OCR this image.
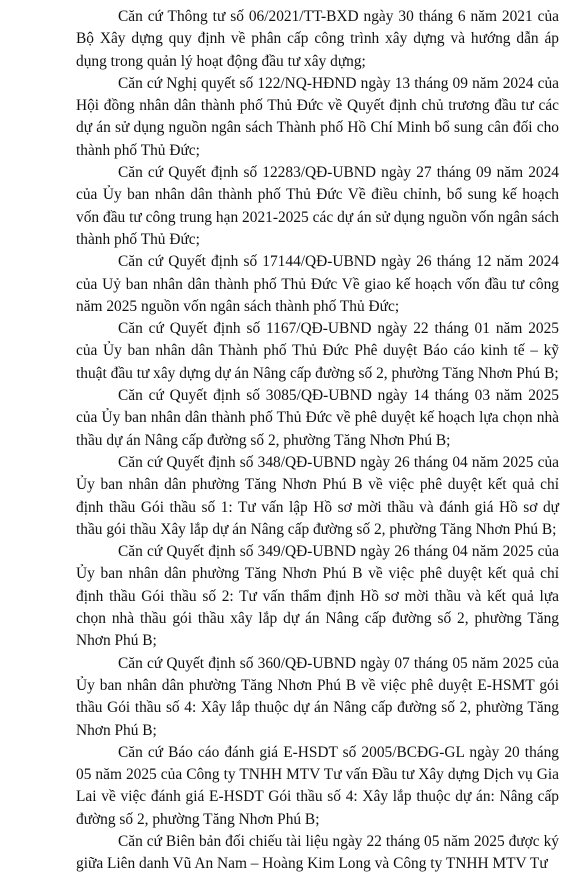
Căn cứ Thông tư số 06/2021/TT-BXD ngày 30 tháng 6 năm 2021 của Bộ Xây dựng quy định về phân cấp công trình xây dựng và hướng dẫn áp dụng trong quản lý hoạt động đầu tư xây dựng;

Căn cứ Nghị quyết số 122/NQ-HĐND ngày 13 tháng 09 năm 2024 của Hội đồng nhân dân thành phố Thủ Đức về Quyết định chủ trương đầu tư các dự án sử dụng nguồn ngân sách Thành phố Hồ Chí Minh bổ sung cân đối cho thành phố Thủ Đức;

Căn cứ Quyết định số 12283/QĐ-UBND ngày 27 tháng 09 năm 2024 của Ủy ban nhân dân thành phố Thủ Đức Về điều chỉnh, bổ sung kế hoạch vốn đầu tư công trung hạn 2021-2025 các dự án sử dụng nguồn vốn ngân sách thành phố Thủ Đức;

Căn cứ Quyết định số 17144/QĐ-UBND ngày 26 tháng 12 năm 2024 của Uỷ ban nhân dân thành phố Thủ Đức Về giao kế hoạch vốn đầu tư công năm 2025 nguồn vốn ngân sách thành phố Thủ Đức;

Căn cứ Quyết định số 1167/QĐ-UBND ngày 22 tháng 01 năm 2025 của Ủy ban nhân dân Thành phố Thủ Đức Phê duyệt Báo cáo kinh tế – kỹ thuật đầu tư xây dựng dự án Nâng cấp đường số 2, phường Tăng Nhơn Phú B;

Căn cứ Quyết định số 3085/QĐ-UBND ngày 14 tháng 03 năm 2025 của Ủy ban nhân dân thành phố Thủ Đức về phê duyệt kế hoạch lựa chọn nhà thầu dự án Nâng cấp đường số 2, phường Tăng Nhơn Phú B;

Căn cứ Quyết định số 348/QĐ-UBND ngày 26 tháng 04 năm 2025 của Ủy ban nhân dân phường Tăng Nhơn Phú B về việc phê duyệt kết quả chỉ định thầu Gói thầu số 1: Tư vấn lập Hồ sơ mời thầu và đánh giá Hồ sơ dự thầu gói thầu Xây lắp dự án Nâng cấp đường số 2, phường Tăng Nhơn Phú B;

Căn cứ Quyết định số 349/QĐ-UBND ngày 26 tháng 04 năm 2025 của Ủy ban nhân dân phường Tăng Nhơn Phú B về việc phê duyệt kết quả chỉ định thầu Gói thầu số 2: Tư vấn thẩm định Hồ sơ mời thầu và kết quả lựa chọn nhà thầu gói thầu xây lắp dự án Nâng cấp đường số 2, phường Tăng Nhơn Phú B;

Căn cứ Quyết định số 360/QĐ-UBND ngày 07 tháng 05 năm 2025 của Ủy ban nhân dân phường Tăng Nhơn Phú B về việc phê duyệt E-HSMT gói thầu Gói thầu số 4: Xây lắp thuộc dự án Nâng cấp đường số 2, phường Tăng Nhơn Phú B;

Căn cứ Báo cáo đánh giá E-HSDT số 2005/BCĐG-GL ngày 20 tháng 05 năm 2025 của Công ty TNHH MTV Tư vấn Đầu tư Xây dựng Dịch vụ Gia Lai về việc đánh giá E-HSDT Gói thầu số 4: Xây lắp thuộc dự án: Nâng cấp đường số 2, phường Tăng Nhơn Phú B;

Căn cứ Biên bản đối chiếu tài liệu ngày 22 tháng 05 năm 2025 được ký giữa Liên danh Vũ An Nam – Hoàng Kim Long và Công ty TNHH MTV Tư
